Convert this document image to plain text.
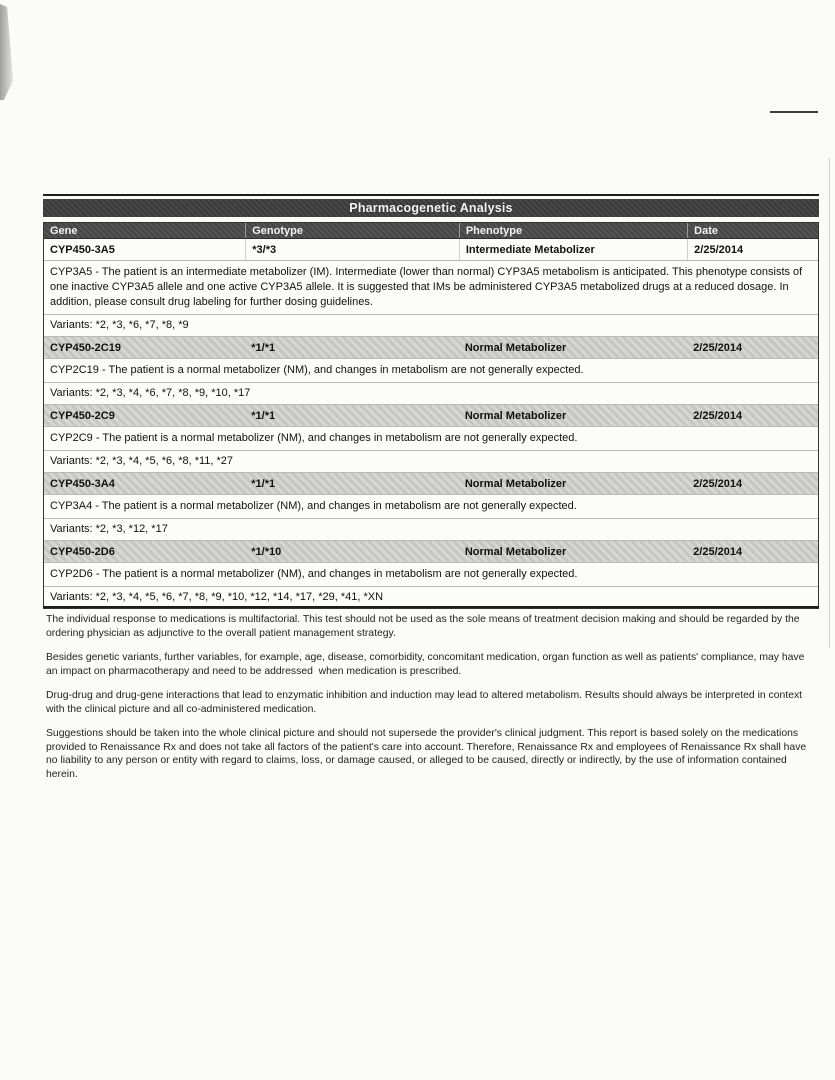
Pharmacogenetic Analysis
Gene	Genotype	Phenotype	Date
CYP450-3A5	*3/*3	Intermediate Metabolizer	2/25/2014
CYP3A5 - The patient is an intermediate metabolizer (IM). Intermediate (lower than normal) CYP3A5 metabolism is anticipated. This phenotype consists of one inactive CYP3A5 allele and one active CYP3A5 allele. It is suggested that IMs be administered CYP3A5 metabolized drugs at a reduced dosage. In addition, please consult drug labeling for further dosing guidelines.
Variants: *2, *3, *6, *7, *8, *9
CYP450-2C19	*1/*1	Normal Metabolizer	2/25/2014
CYP2C19 - The patient is a normal metabolizer (NM), and changes in metabolism are not generally expected.
Variants: *2, *3, *4, *6, *7, *8, *9, *10, *17
CYP450-2C9	*1/*1	Normal Metabolizer	2/25/2014
CYP2C9 - The patient is a normal metabolizer (NM), and changes in metabolism are not generally expected.
Variants: *2, *3, *4, *5, *6, *8, *11, *27
CYP450-3A4	*1/*1	Normal Metabolizer	2/25/2014
CYP3A4 - The patient is a normal metabolizer (NM), and changes in metabolism are not generally expected.
Variants: *2, *3, *12, *17
CYP450-2D6	*1/*10	Normal Metabolizer	2/25/2014
CYP2D6 - The patient is a normal metabolizer (NM), and changes in metabolism are not generally expected.
Variants: *2, *3, *4, *5, *6, *7, *8, *9, *10, *12, *14, *17, *29, *41, *XN

The individual response to medications is multifactorial. This test should not be used as the sole means of treatment decision making and should be regarded by the ordering physician as adjunctive to the overall patient management strategy.

Besides genetic variants, further variables, for example, age, disease, comorbidity, concomitant medication, organ function as well as patients' compliance, may have an impact on pharmacotherapy and need to be addressed  when medication is prescribed.

Drug-drug and drug-gene interactions that lead to enzymatic inhibition and induction may lead to altered metabolism. Results should always be interpreted in context with the clinical picture and all co-administered medication.

Suggestions should be taken into the whole clinical picture and should not supersede the provider's clinical judgment. This report is based solely on the medications provided to Renaissance Rx and does not take all factors of the patient's care into account. Therefore, Renaissance Rx and employees of Renaissance Rx shall have no liability to any person or entity with regard to claims, loss, or damage caused, or alleged to be caused, directly or indirectly, by the use of information contained herein.
